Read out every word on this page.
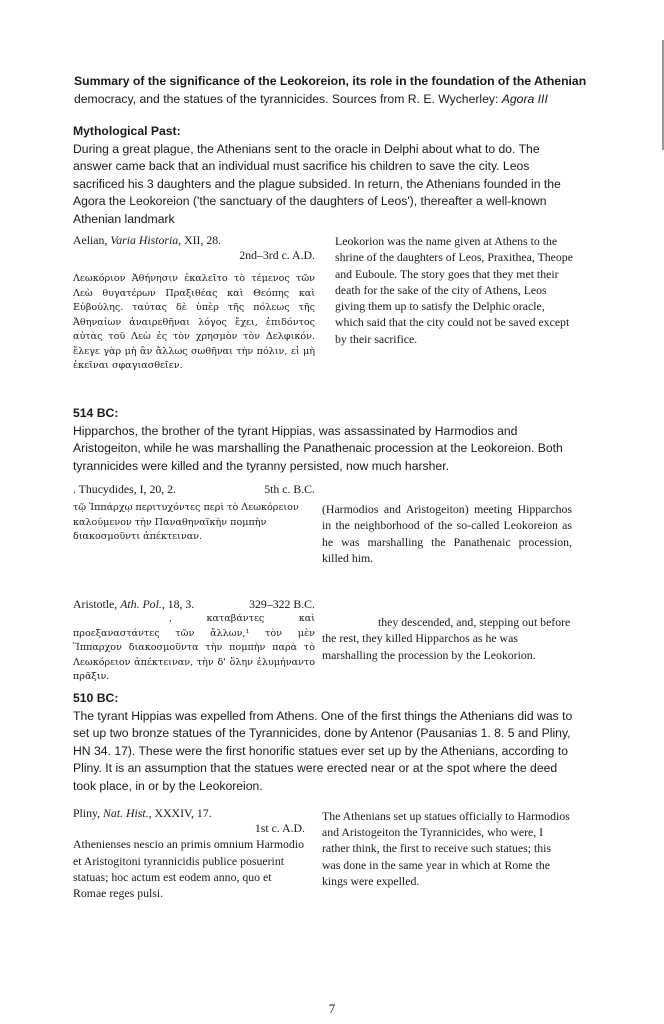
Summary of the significance of the Leokoreion, its role in the foundation of the Athenian

democracy, and the statues of the tyrannicides. Sources from R. E. Wycherley: Agora III

Mythological Past:

During a great plague, the Athenians sent to the oracle in Delphi about what to do. The answer came back that an individual must sacrifice his children to save the city. Leos sacrificed his 3 daughters and the plague subsided. In return, the Athenians founded in the Agora the Leokoreion ('the sanctuary of the daughters of Leos'), thereafter a well-known Athenian landmark

Aelian, Varia Historia, XII, 28.

2nd–3rd c. A.D.

Λεωκόριον Ἀθήνησιν ἐκαλεῖτο τὸ τέμενος τῶν Λεὼ θυγατέρων Πραξιθέας καὶ Θεόπης καὶ Εὐβούλης. ταύτας δὲ ὑπὲρ τῆς πόλεως τῆς Ἀθηναίων ἀναιρεθῆναι λόγος ἔχει, ἐπιδόντος αὐτὰς τοῦ Λεὼ ἐς τὸν χρησμὸν τὸν Δελφικόν. ἔλεγε γὰρ μὴ ἂν ἄλλως σωθῆναι τὴν πόλιν, εἰ μὴ ἐκεῖναι σφαγιασθεῖεν.
Leokorion was the name given at Athens to the shrine of the daughters of Leos, Praxithea, Theope and Euboule. The story goes that they met their death for the sake of the city of Athens, Leos giving them up to satisfy the Delphic oracle, which said that the city could not be saved except by their sacrifice.

514 BC:

Hipparchos, the brother of the tyrant Hippias, was assassinated by Harmodios and Aristogeiton, while he was marshalling the Panathenaic procession at the Leokoreion. Both tyrannicides were killed and the tyranny persisted, now much harsher.

. Thucydides, I, 20, 2.	5th c. B.C.
τῷ Ἱππάρχῳ περιτυχόντες περὶ τὸ Λεωκόρειον καλούμενον τὴν Παναθηναϊκὴν πομπὴν διακοσμοῦντι ἀπέκτειναν.
(Harmodios and Aristogeiton) meeting Hipparchos in the neighborhood of the so-called Leokoreion as he was marshalling the Panathenaic procession, killed him.
Aristotle, Ath. Pol., 18, 3.	329–322 B.C.
, καταβάντες καὶ προεξαναστάντες τῶν ἄλλων,¹ τὸν μὲν Ἵππαρχον διακοσμοῦντα τὴν πομπὴν παρὰ τὸ Λεωκόρειον ἀπέκτειναν, τὴν δ' ὅλην ἐλυμήναντο πρᾶξιν.
they descended, and, stepping out before the rest, they killed Hipparchos as he was marshalling the procession by the Leokorion.

510 BC:

The tyrant Hippias was expelled from Athens. One of the first things the Athenians did was to set up two bronze statues of the Tyrannicides, done by Antenor (Pausanias 1. 8. 5 and Pliny, HN 34. 17). These were the first honorific statues ever set up by the Athenians, according to Pliny. It is an assumption that the statues were erected near or at the spot where the deed took place, in or by the Leokoreion.

Pliny, Nat. Hist., XXXIV, 17.

1st c. A.D.

Athenienses nescio an primis omnium Harmodio et Aristogitoni tyrannicidis publice posuerint statuas; hoc actum est eodem anno, quo et Romae reges pulsi.

The Athenians set up statues officially to Harmodios and Aristogeiton the Tyrannicides, who were, I rather think, the first to receive such statues; this was done in the same year in which at Rome the kings were expelled.
7
